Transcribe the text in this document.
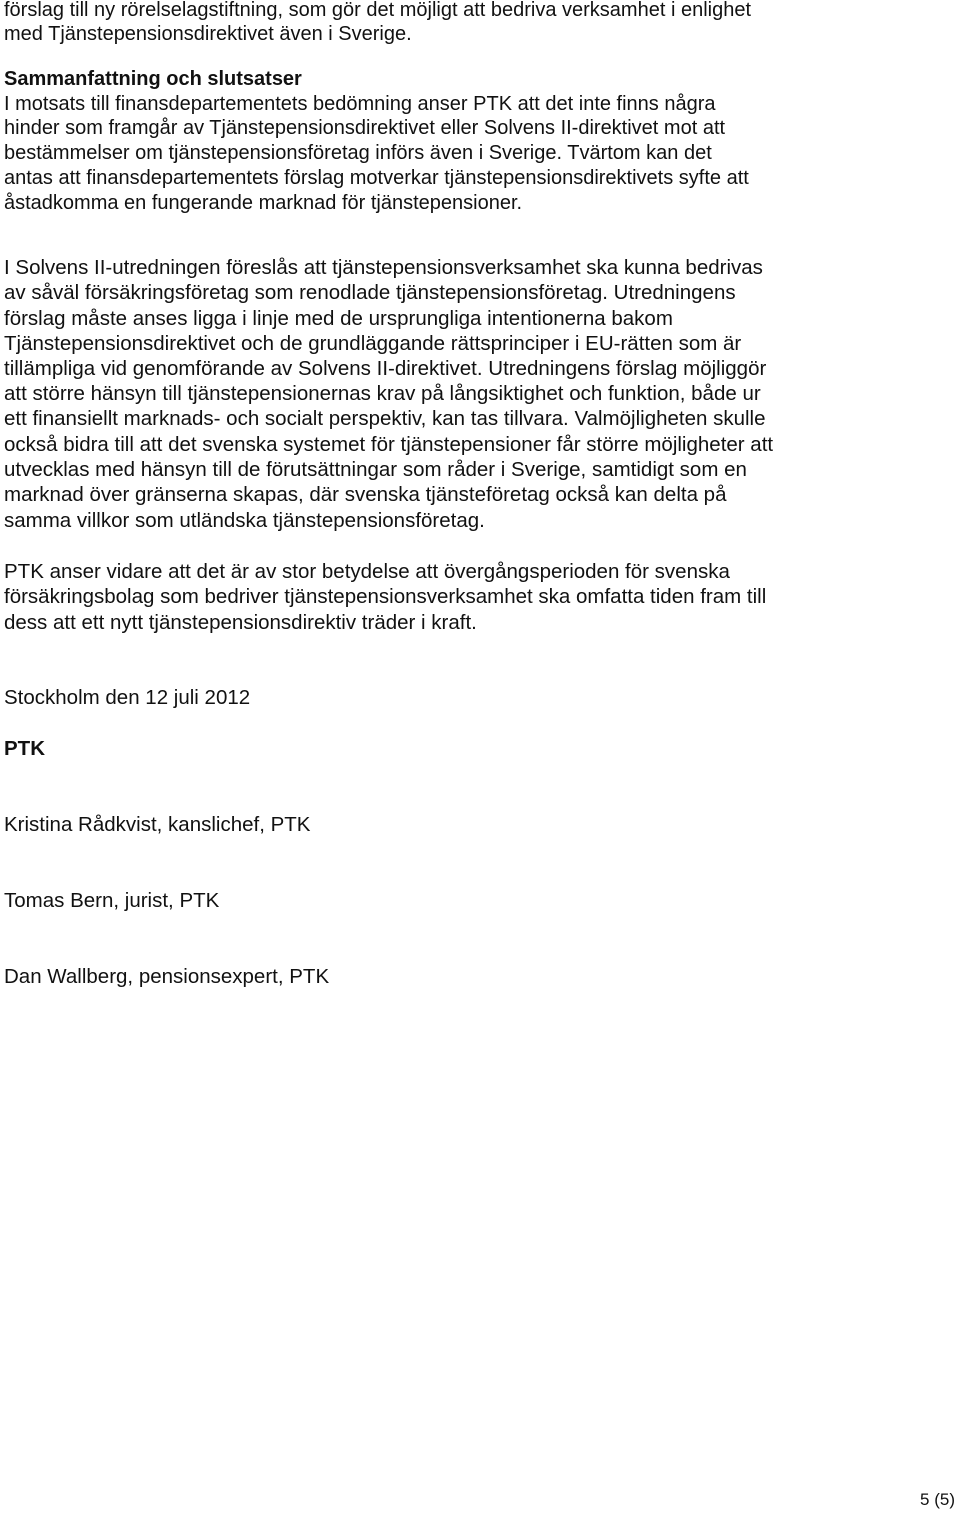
förslag till ny rörelselagstiftning, som gör det möjligt att bedriva verksamhet i enlighet

med Tjänstepensionsdirektivet även i Sverige.

Sammanfattning och slutsatser

I motsats till finansdepartementets bedömning anser PTK att det inte finns några

hinder som framgår av Tjänstepensionsdirektivet eller Solvens II-direktivet mot att

bestämmelser om tjänstepensionsföretag införs även i Sverige. Tvärtom kan det

antas att finansdepartementets förslag motverkar tjänstepensionsdirektivets syfte att

åstadkomma en fungerande marknad för tjänstepensioner.

I Solvens II-utredningen föreslås att tjänstepensionsverksamhet ska kunna bedrivas

av såväl försäkringsföretag som renodlade tjänstepensionsföretag. Utredningens

förslag måste anses ligga i linje med de ursprungliga intentionerna bakom

Tjänstepensionsdirektivet och de grundläggande rättsprinciper i EU-rätten som är

tillämpliga vid genomförande av Solvens II-direktivet. Utredningens förslag möjliggör

att större hänsyn till tjänstepensionernas krav på långsiktighet och funktion, både ur

ett finansiellt marknads- och socialt perspektiv, kan tas tillvara. Valmöjligheten skulle

också bidra till att det svenska systemet för tjänstepensioner får större möjligheter att

utvecklas med hänsyn till de förutsättningar som råder i Sverige, samtidigt som en

marknad över gränserna skapas, där svenska tjänsteföretag också kan delta på

samma villkor som utländska tjänstepensionsföretag.

PTK anser vidare att det är av stor betydelse att övergångsperioden för svenska

försäkringsbolag som bedriver tjänstepensionsverksamhet ska omfatta tiden fram till

dess att ett nytt tjänstepensionsdirektiv träder i kraft.

Stockholm den 12 juli 2012

PTK

Kristina Rådkvist, kanslichef, PTK

Tomas Bern, jurist, PTK

Dan Wallberg, pensionsexpert, PTK

5 (5)
